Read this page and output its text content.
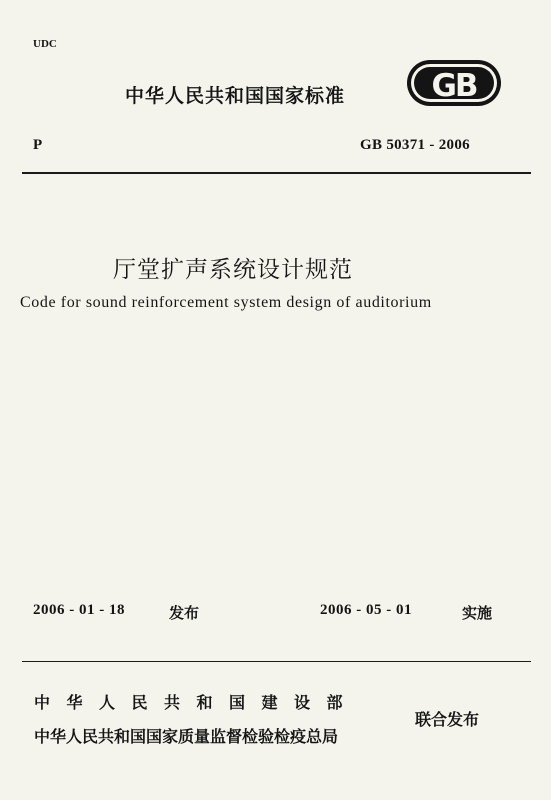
UDC
中华人民共和国国家标准	GB
P	GB 50371 - 2006
厅堂扩声系统设计规范
Code for sound reinforcement system design of auditorium
2006 - 01 - 18	发布	2006 - 05 - 01	实施
中华人民共和国建设部
中华人民共和国国家质量监督检验检疫总局
联合发布
